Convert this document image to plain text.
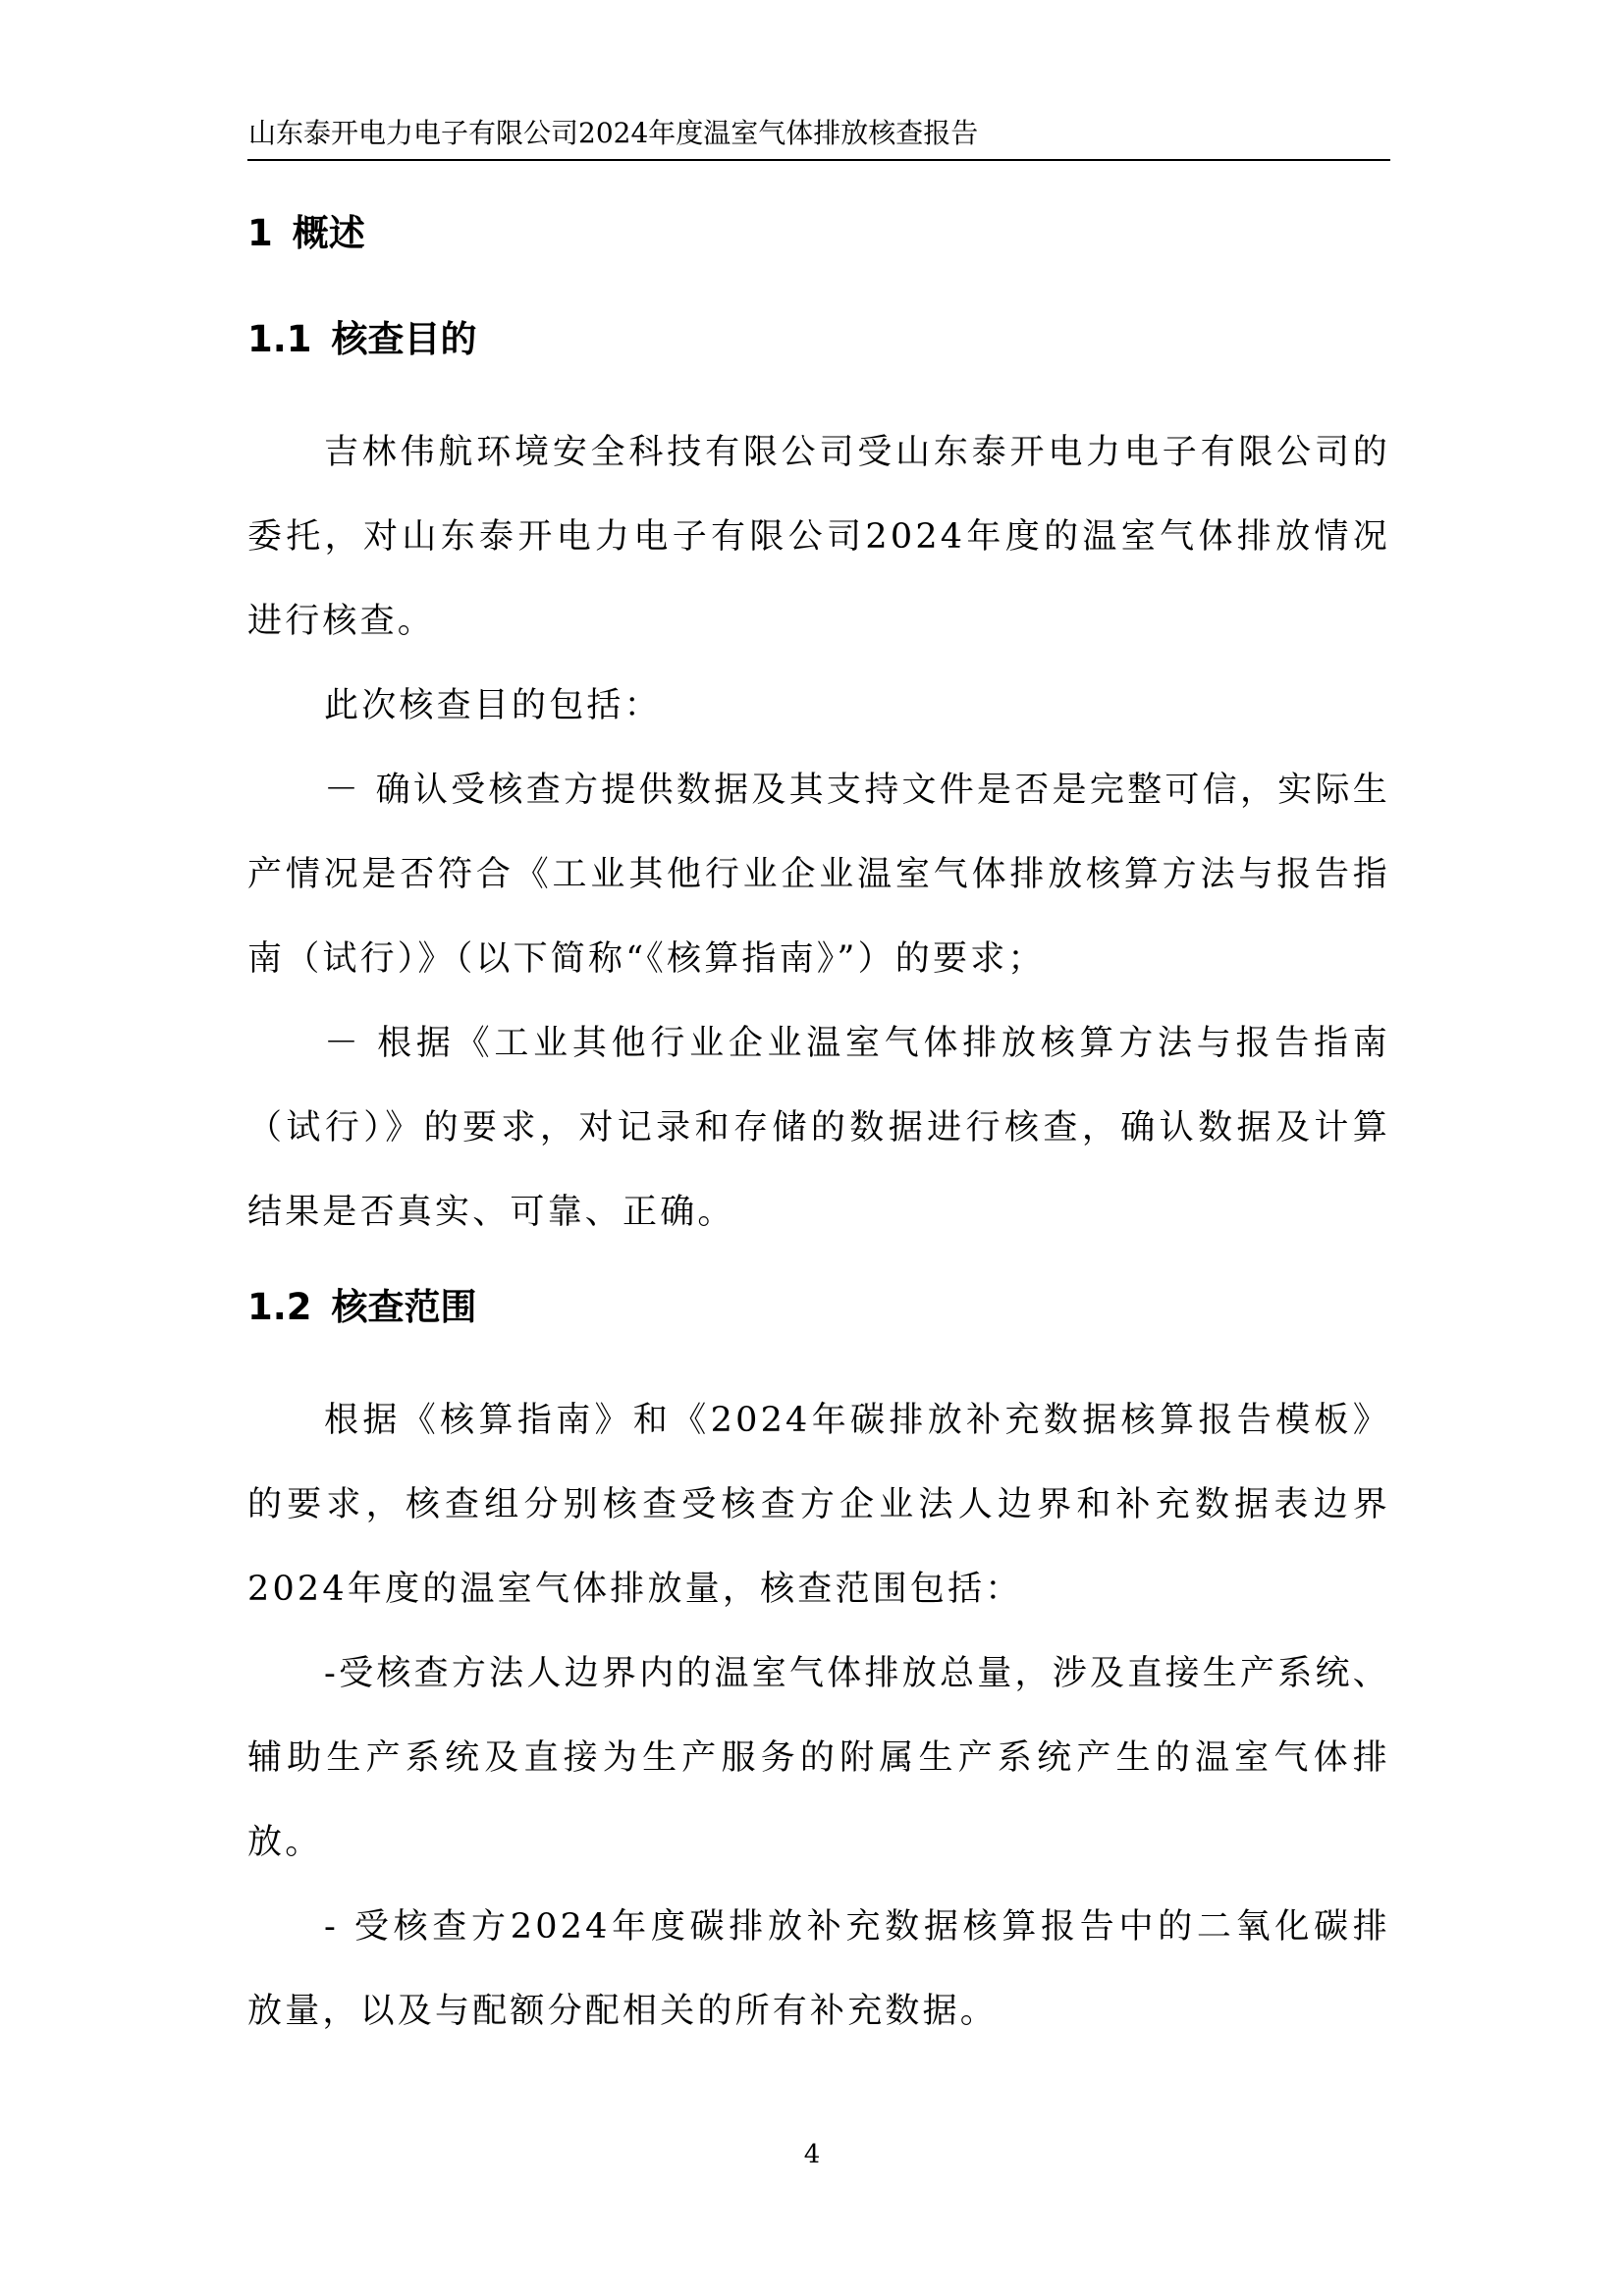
山东泰开电力电子有限公司2024年度温室气体排放核查报告
1 概述
1.1 核查目的

吉林伟航环境安全科技有限公司受山东泰开电力电子有限公司的委托，对山东泰开电力电子有限公司2024年度的温室气体排放情况进行核查。

此次核查目的包括：

－ 确认受核查方提供数据及其支持文件是否是完整可信，实际生产情况是否符合《工业其他行业企业温室气体排放核算方法与报告指南（试行）》（以下简称“《核算指南》”）的要求；

－ 根据《工业其他行业企业温室气体排放核算方法与报告指南（试行）》的要求，对记录和存储的数据进行核查，确认数据及计算结果是否真实、可靠、正确。

1.2 核查范围

根据《核算指南》和《2024年碳排放补充数据核算报告模板》的要求，核查组分别核查受核查方企业法人边界和补充数据表边界2024年度的温室气体排放量，核查范围包括：

-受核查方法人边界内的温室气体排放总量，涉及直接生产系统、辅助生产系统及直接为生产服务的附属生产系统产生的温室气体排放。

- 受核查方2024年度碳排放补充数据核算报告中的二氧化碳排放量，以及与配额分配相关的所有补充数据。

4
